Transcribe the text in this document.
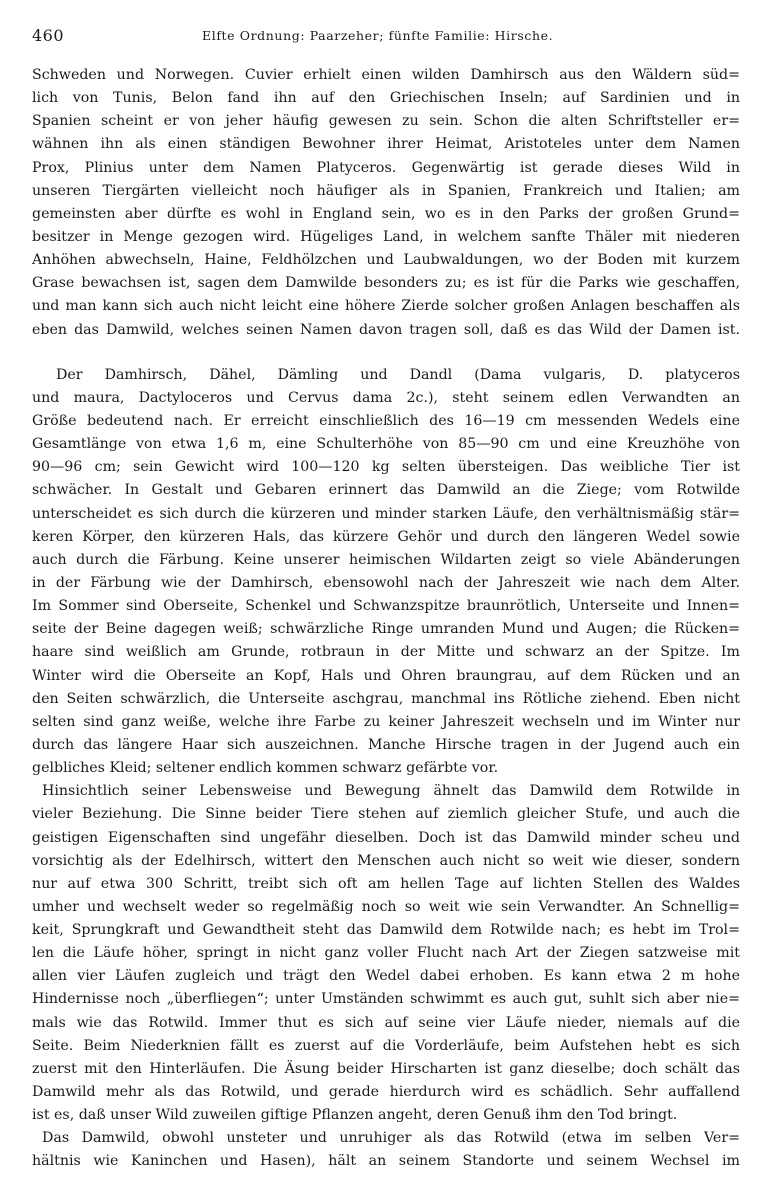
460	Elfte Ordnung: Paarzeher; fünfte Familie: Hirsche.
Schweden und Norwegen. Cuvier erhielt einen wilden Damhirsch aus den Wäldern süd=
lich von Tunis, Belon fand ihn auf den Griechischen Inseln; auf Sardinien und in
Spanien scheint er von jeher häufig gewesen zu sein. Schon die alten Schriftsteller er=
wähnen ihn als einen ständigen Bewohner ihrer Heimat, Aristoteles unter dem Namen
Prox, Plinius unter dem Namen Platyceros. Gegenwärtig ist gerade dieses Wild in
unseren Tiergärten vielleicht noch häufiger als in Spanien, Frankreich und Italien; am
gemeinsten aber dürfte es wohl in England sein, wo es in den Parks der großen Grund=
besitzer in Menge gezogen wird. Hügeliges Land, in welchem sanfte Thäler mit niederen
Anhöhen abwechseln, Haine, Feldhölzchen und Laubwaldungen, wo der Boden mit kurzem
Grase bewachsen ist, sagen dem Damwilde besonders zu; es ist für die Parks wie geschaffen,
und man kann sich auch nicht leicht eine höhere Zierde solcher großen Anlagen beschaffen als
eben das Damwild, welches seinen Namen davon tragen soll, daß es das Wild der Damen ist.
Der Damhirsch, Dähel, Dämling und Dandl (Dama vulgaris, D. platyceros
und maura, Dactyloceros und Cervus dama 2c.), steht seinem edlen Verwandten an
Größe bedeutend nach. Er erreicht einschließlich des 16—19 cm messenden Wedels eine
Gesamtlänge von etwa 1,6 m, eine Schulterhöhe von 85—90 cm und eine Kreuzhöhe von
90—96 cm; sein Gewicht wird 100—120 kg selten übersteigen. Das weibliche Tier ist
schwächer. In Gestalt und Gebaren erinnert das Damwild an die Ziege; vom Rotwilde
unterscheidet es sich durch die kürzeren und minder starken Läufe, den verhältnismäßig stär=
keren Körper, den kürzeren Hals, das kürzere Gehör und durch den längeren Wedel sowie
auch durch die Färbung. Keine unserer heimischen Wildarten zeigt so viele Abänderungen
in der Färbung wie der Damhirsch, ebensowohl nach der Jahreszeit wie nach dem Alter.
Im Sommer sind Oberseite, Schenkel und Schwanzspitze braunrötlich, Unterseite und Innen=
seite der Beine dagegen weiß; schwärzliche Ringe umranden Mund und Augen; die Rücken=
haare sind weißlich am Grunde, rotbraun in der Mitte und schwarz an der Spitze. Im
Winter wird die Oberseite an Kopf, Hals und Ohren braungrau, auf dem Rücken und an
den Seiten schwärzlich, die Unterseite aschgrau, manchmal ins Rötliche ziehend. Eben nicht
selten sind ganz weiße, welche ihre Farbe zu keiner Jahreszeit wechseln und im Winter nur
durch das längere Haar sich auszeichnen. Manche Hirsche tragen in der Jugend auch ein
gelbliches Kleid; seltener endlich kommen schwarz gefärbte vor.
Hinsichtlich seiner Lebensweise und Bewegung ähnelt das Damwild dem Rotwilde in
vieler Beziehung. Die Sinne beider Tiere stehen auf ziemlich gleicher Stufe, und auch die
geistigen Eigenschaften sind ungefähr dieselben. Doch ist das Damwild minder scheu und
vorsichtig als der Edelhirsch, wittert den Menschen auch nicht so weit wie dieser, sondern
nur auf etwa 300 Schritt, treibt sich oft am hellen Tage auf lichten Stellen des Waldes
umher und wechselt weder so regelmäßig noch so weit wie sein Verwandter. An Schnellig=
keit, Sprungkraft und Gewandtheit steht das Damwild dem Rotwilde nach; es hebt im Trol=
len die Läufe höher, springt in nicht ganz voller Flucht nach Art der Ziegen satzweise mit
allen vier Läufen zugleich und trägt den Wedel dabei erhoben. Es kann etwa 2 m hohe
Hindernisse noch „überfliegen“; unter Umständen schwimmt es auch gut, suhlt sich aber nie=
mals wie das Rotwild. Immer thut es sich auf seine vier Läufe nieder, niemals auf die
Seite. Beim Niederknien fällt es zuerst auf die Vorderläufe, beim Aufstehen hebt es sich
zuerst mit den Hinterläufen. Die Äsung beider Hirscharten ist ganz dieselbe; doch schält das
Damwild mehr als das Rotwild, und gerade hierdurch wird es schädlich. Sehr auffallend
ist es, daß unser Wild zuweilen giftige Pflanzen angeht, deren Genuß ihm den Tod bringt.
Das Damwild, obwohl unsteter und unruhiger als das Rotwild (etwa im selben Ver=
hältnis wie Kaninchen und Hasen), hält an seinem Standorte und seinem Wechsel im
